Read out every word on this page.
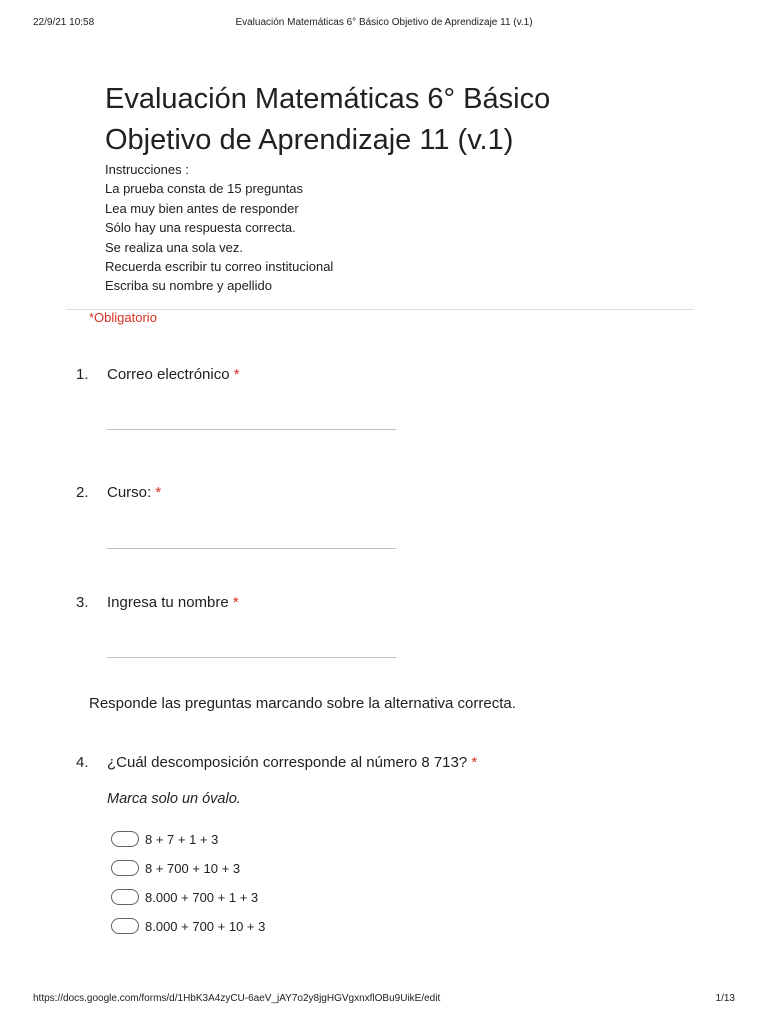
22/9/21 10:58	Evaluación Matemáticas 6° Básico Objetivo de Aprendizaje 11 (v.1)
Evaluación Matemáticas 6° Básico
Objetivo de Aprendizaje 11 (v.1)
Instrucciones :
La prueba consta de 15 preguntas
Lea muy bien antes de responder
Sólo hay una respuesta correcta.
Se realiza una sola vez.
Recuerda escribir tu correo institucional
Escriba su nombre y apellido
*Obligatorio
1. Correo electrónico *
2. Curso: *
3. Ingresa tu nombre *
Responde las preguntas marcando sobre la alternativa correcta.
4. ¿Cuál descomposición corresponde al número 8 713? *
Marca solo un óvalo.
8 + 7 + 1 + 3
8 + 700 + 10 + 3
8.000 + 700 + 1 + 3
8.000 + 700 + 10 + 3
https://docs.google.com/forms/d/1HbK3A4zyCU-6aeV_jAY7o2y8jgHGVgxnxflOBu9UikE/edit	1/13
